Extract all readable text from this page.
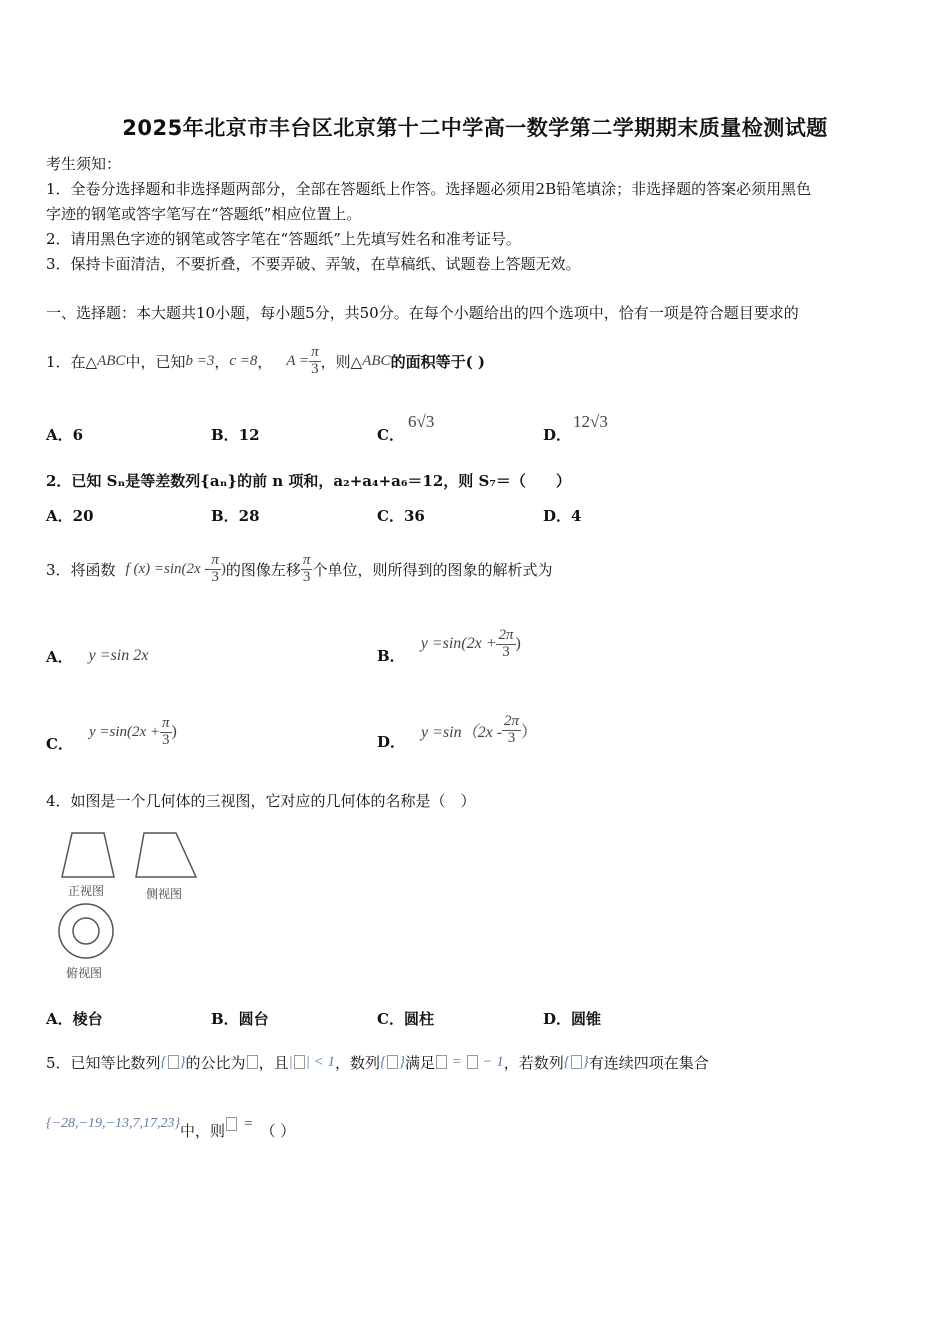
2025年北京市丰台区北京第十二中学高一数学第二学期期末质量检测试题
考生须知：
1．全卷分选择题和非选择题两部分，全部在答题纸上作答。选择题必须用2B铅笔填涂；非选择题的答案必须用黑色
字迹的钢笔或答字笔写在“答题纸”相应位置上。
2．请用黑色字迹的钢笔或答字笔在“答题纸”上先填写姓名和准考证号。
3．保持卡面清洁，不要折叠，不要弄破、弄皱，在草稿纸、试题卷上答题无效。
一、选择题：本大题共10小题，每小题5分，共50分。在每个小题给出的四个选项中，恰有一项是符合题目要求的
1．在△ ABC 中，已知 b =3 ， c =8 ， $A = \frac{\pi}{3}$ ，则△ ABC 的面积等于( )
A．6	B．12	C．
6√3
D．
12√3
2．已知 Sₙ是等差数列{aₙ}的前 n 项和，a₂+a₄+a₆＝12，则 S₇＝（　　）
A．20	B．28	C．36	D．4
3．将函数 f $(x) =\sin(2x - \frac{\pi}{3}$ ) 的图像左移 $\frac{\pi}{3}$ 个单位，则所得到的图象的解析式为
A． y =sin 2x	B．
$y =\sin(2x + \frac{2\pi}{3}$ )
C．
$y =\sin(2x + \frac{\pi}{3}$ )
D．
$y =\sin(2x - \frac{2\pi}{3}$ ）
4．如图是一个几何体的三视图，它对应的几何体的名称是（　）
正视图	侧视图
俯视图
A．棱台	B．圆台	C．圆柱	D．圆锥
5．已知等比数列 { } 的公比为 ，且 | | < 1 ，数列 { } 满足	= − 1 ，若数列 { } 有连续四项在集合
{−28,−19,−13,7,17,23} 中，则 = （ ）
